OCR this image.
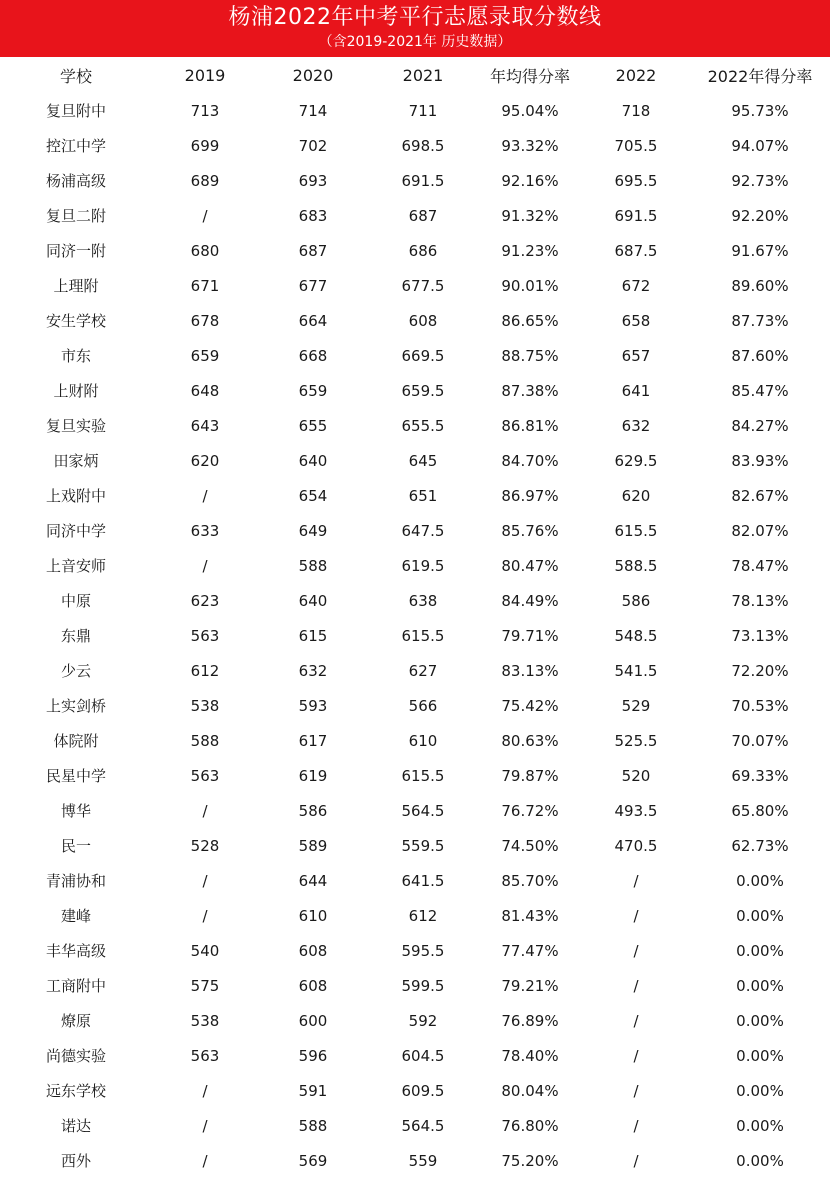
杨浦2022年中考平行志愿录取分数线
（含2019-2021年 历史数据）
学校	2019	2020	2021	年均得分率	2022	2022年得分率
复旦附中	713	714	711	95.04%	718	95.73%
控江中学	699	702	698.5	93.32%	705.5	94.07%
杨浦高级	689	693	691.5	92.16%	695.5	92.73%
复旦二附	/	683	687	91.32%	691.5	92.20%
同济一附	680	687	686	91.23%	687.5	91.67%
上理附	671	677	677.5	90.01%	672	89.60%
安生学校	678	664	608	86.65%	658	87.73%
市东	659	668	669.5	88.75%	657	87.60%
上财附	648	659	659.5	87.38%	641	85.47%
复旦实验	643	655	655.5	86.81%	632	84.27%
田家炳	620	640	645	84.70%	629.5	83.93%
上戏附中	/	654	651	86.97%	620	82.67%
同济中学	633	649	647.5	85.76%	615.5	82.07%
上音安师	/	588	619.5	80.47%	588.5	78.47%
中原	623	640	638	84.49%	586	78.13%
东鼎	563	615	615.5	79.71%	548.5	73.13%
少云	612	632	627	83.13%	541.5	72.20%
上实剑桥	538	593	566	75.42%	529	70.53%
体院附	588	617	610	80.63%	525.5	70.07%
民星中学	563	619	615.5	79.87%	520	69.33%
博华	/	586	564.5	76.72%	493.5	65.80%
民一	528	589	559.5	74.50%	470.5	62.73%
青浦协和	/	644	641.5	85.70%	/	0.00%
建峰	/	610	612	81.43%	/	0.00%
丰华高级	540	608	595.5	77.47%	/	0.00%
工商附中	575	608	599.5	79.21%	/	0.00%
燎原	538	600	592	76.89%	/	0.00%
尚德实验	563	596	604.5	78.40%	/	0.00%
远东学校	/	591	609.5	80.04%	/	0.00%
诺达	/	588	564.5	76.80%	/	0.00%
西外	/	569	559	75.20%	/	0.00%
